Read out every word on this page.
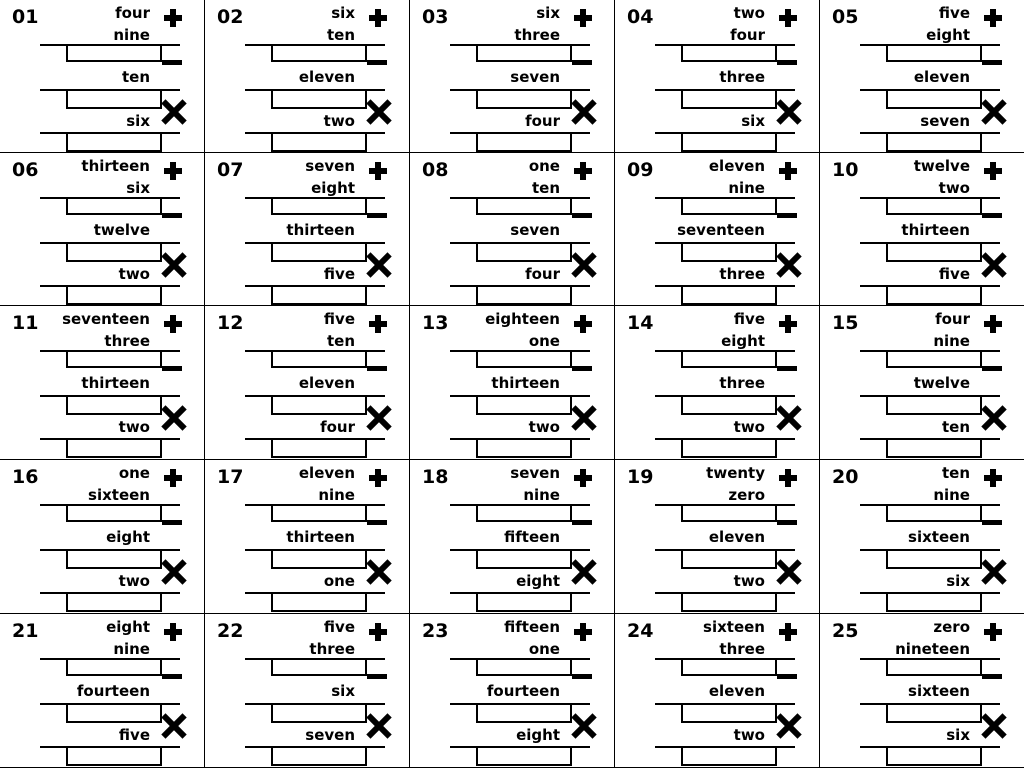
01	four
nine
ten
six
02	six
ten
eleven
two
03	six
three
seven
four
04	two
four
three
six
05	five
eight
eleven
seven
06	thirteen
six
twelve
two
07	seven
eight
thirteen
five
08	one
ten
seven
four
09	eleven
nine
seventeen
three
10	twelve
two
thirteen
five
11	seventeen
three
thirteen
two
12	five
ten
eleven
four
13	eighteen
one
thirteen
two
14	five
eight
three
two
15	four
nine
twelve
ten
16	one
sixteen
eight
two
17	eleven
nine
thirteen
one
18	seven
nine
fifteen
eight
19	twenty
zero
eleven
two
20	ten
nine
sixteen
six
21	eight
nine
fourteen
five
22	five
three
six
seven
23	fifteen
one
fourteen
eight
24	sixteen
three
eleven
two
25	zero
nineteen
sixteen
six
